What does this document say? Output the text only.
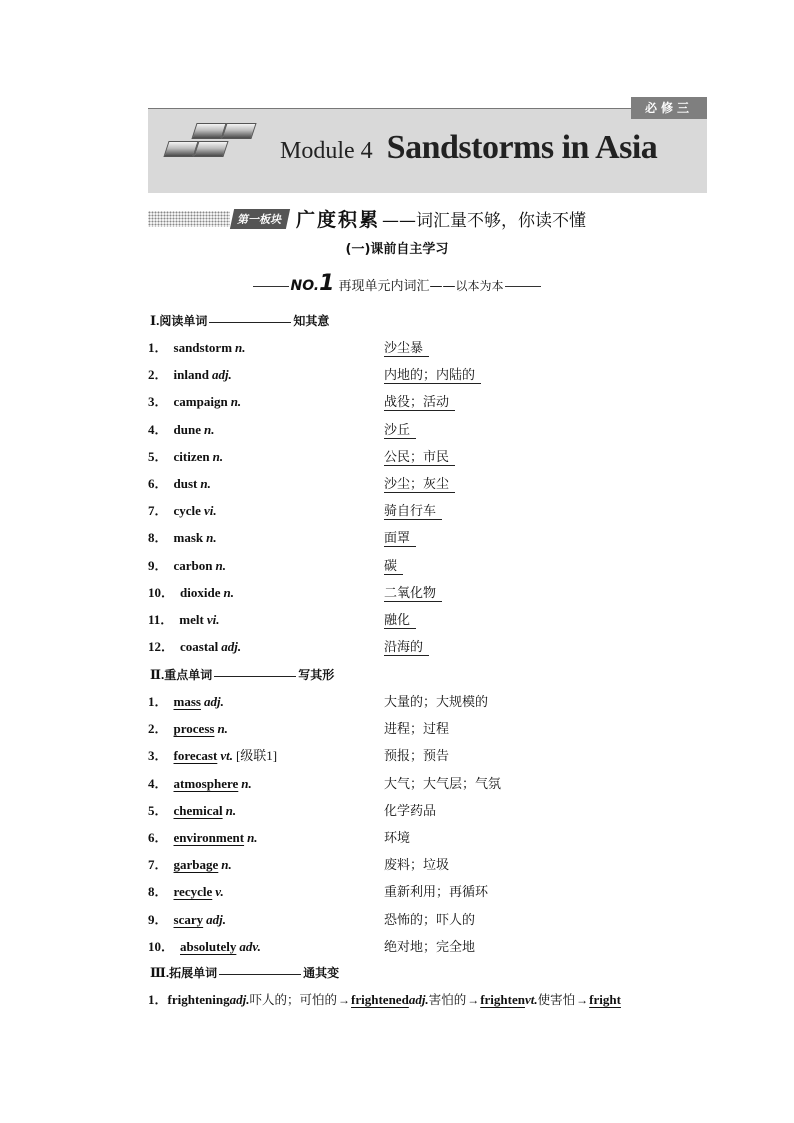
必修三
Module 4 Sandstorms in Asia
第一板块 广度积累 ——词汇量不够，你读不懂
(一)课前自主学习
NO.1 再现单元内词汇——以本为本
Ⅰ.阅读单词	知其意
1． sandstorm n.	沙尘暴
2． inland adj.	内地的；内陆的
3． campaign n.	战役；活动
4． dune n.	沙丘
5． citizen n.	公民；市民
6． dust n.	沙尘；灰尘
7． cycle vi.	骑自行车
8． mask n.	面罩
9． carbon n.	碳
10． dioxide n.	二氧化物
11． melt vi.	融化
12． coastal adj.	沿海的
Ⅱ.重点单词	写其形
1． mass adj.	大量的；大规模的
2． process n.	进程；过程
3． forecast vt. [级联1]	预报；预告
4． atmosphere n.	大气；大气层；气氛
5． chemical n.	化学药品
6． environment n.	环境
7． garbage n.	废料；垃圾
8． recycle v.	重新利用；再循环
9． scary adj.	恐怖的；吓人的
10． absolutely adv.	绝对地；完全地
Ⅲ.拓展单词	通其变
1．frighteningadj.吓人的；可怕的→frightenedadj.害怕的→frightenvt.使害怕→fright
